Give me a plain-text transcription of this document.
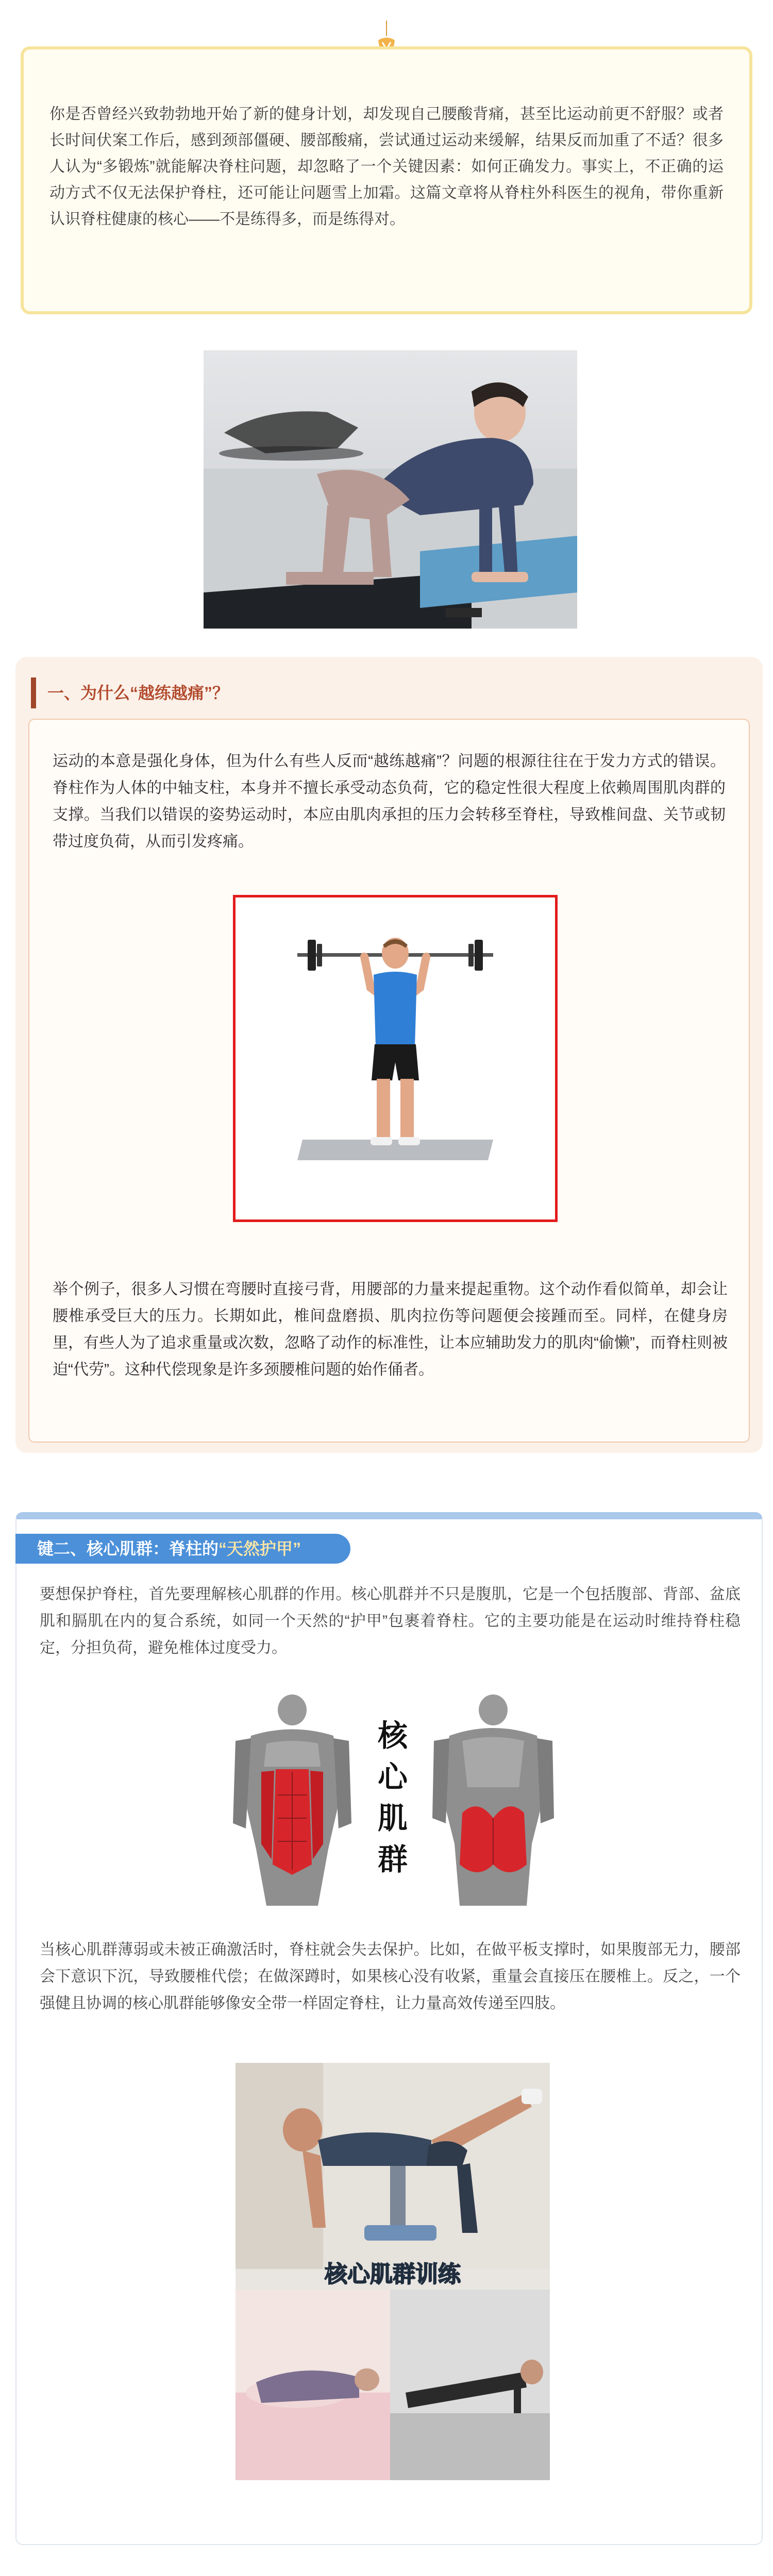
你是否曾经兴致勃勃地开始了新的健身计划，却发现自己腰酸背痛，甚至比运动前更不舒服？或者长时间伏案工作后，感到颈部僵硬、腰部酸痛，尝试通过运动来缓解，结果反而加重了不适？很多人认为“多锻炼”就能解决脊柱问题，却忽略了一个关键因素：如何正确发力。事实上，不正确的运动方式不仅无法保护脊柱，还可能让问题雪上加霜。这篇文章将从脊柱外科医生的视角，带你重新认识脊柱健康的核心——不是练得多，而是练得对。

一、为什么“越练越痛”？

运动的本意是强化身体，但为什么有些人反而“越练越痛”？问题的根源往往在于发力方式的错误。脊柱作为人体的中轴支柱，本身并不擅长承受动态负荷，它的稳定性很大程度上依赖周围肌肉群的支撑。当我们以错误的姿势运动时，本应由肌肉承担的压力会转移至脊柱，导致椎间盘、关节或韧带过度负荷，从而引发疼痛。

举个例子，很多人习惯在弯腰时直接弓背，用腰部的力量来提起重物。这个动作看似简单，却会让腰椎承受巨大的压力。长期如此，椎间盘磨损、肌肉拉伤等问题便会接踵而至。同样，在健身房里，有些人为了追求重量或次数，忽略了动作的标准性，让本应辅助发力的肌肉“偷懒”，而脊柱则被迫“代劳”。这种代偿现象是许多颈腰椎问题的始作俑者。

键二、核心肌群：脊柱的“天然护甲”

要想保护脊柱，首先要理解核心肌群的作用。核心肌群并不只是腹肌，它是一个包括腹部、背部、盆底肌和膈肌在内的复合系统，如同一个天然的“护甲”包裹着脊柱。它的主要功能是在运动时维持脊柱稳定，分担负荷，避免椎体过度受力。

核
心
肌
群

当核心肌群薄弱或未被正确激活时，脊柱就会失去保护。比如，在做平板支撑时，如果腹部无力，腰部会下意识下沉，导致腰椎代偿；在做深蹲时，如果核心没有收紧，重量会直接压在腰椎上。反之，一个强健且协调的核心肌群能够像安全带一样固定脊柱，让力量高效传递至四肢。

核心肌群训练
